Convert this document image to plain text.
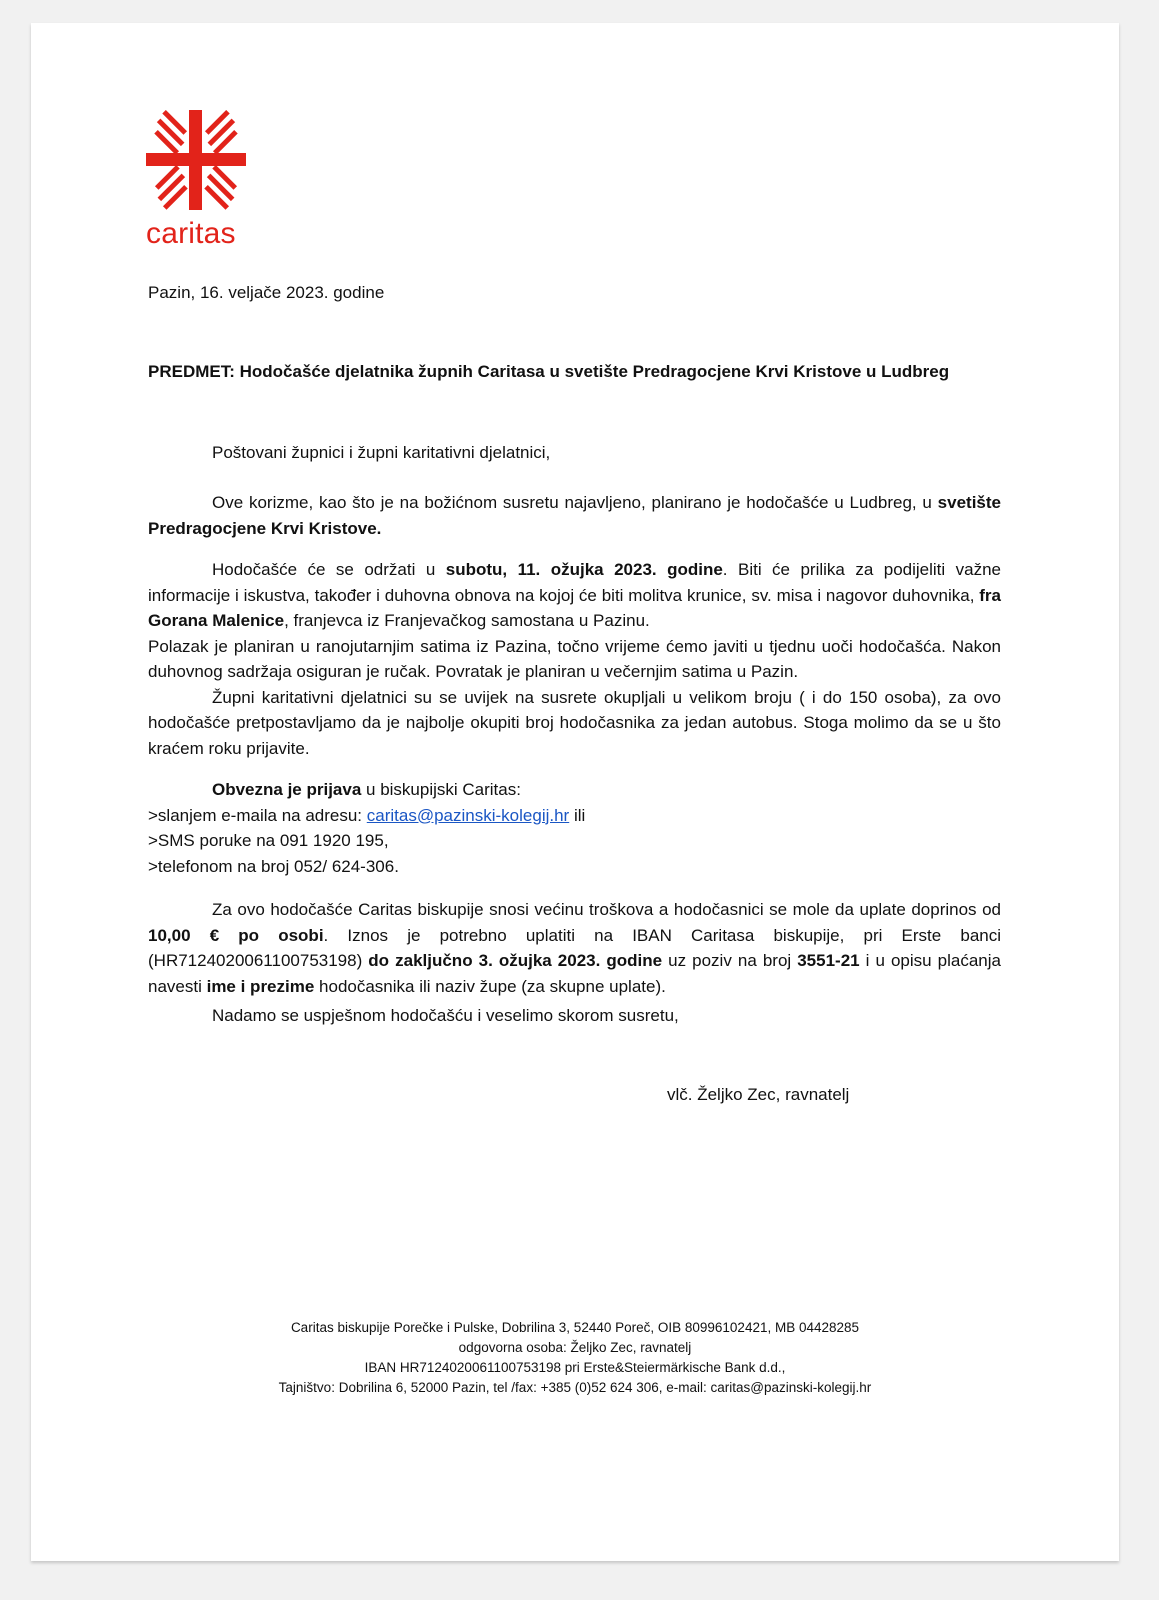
caritas
Pazin, 16. veljače 2023. godine
PREDMET: Hodočašće djelatnika župnih Caritasa u svetište Predragocjene Krvi Kristove u Ludbreg
Poštovani župnici i župni karitativni djelatnici,
Ove korizme, kao što je na božićnom susretu najavljeno, planirano je hodočašće u Ludbreg, u svetište Predragocjene Krvi Kristove.
Hodočašće će se održati u subotu, 11. ožujka 2023. godine. Biti će prilika za podijeliti važne informacije i iskustva, također i duhovna obnova na kojoj će biti molitva krunice, sv. misa i nagovor duhovnika, fra Gorana Malenice, franjevca iz Franjevačkog samostana u Pazinu.
Polazak je planiran u ranojutarnjim satima iz Pazina, točno vrijeme ćemo javiti u tjednu uoči hodočašća. Nakon duhovnog sadržaja osiguran je ručak. Povratak je planiran u večernjim satima u Pazin.
Župni karitativni djelatnici su se uvijek na susrete okupljali u velikom broju ( i do 150 osoba), za ovo hodočašće pretpostavljamo da je najbolje okupiti broj hodočasnika za jedan autobus. Stoga molimo da se u što kraćem roku prijavite.
Obvezna je prijava u biskupijski Caritas:
>slanjem e-maila na adresu: caritas@pazinski-kolegij.hr ili
>SMS poruke na 091 1920 195,
>telefonom na broj 052/ 624-306.
Za ovo hodočašće Caritas biskupije snosi većinu troškova a hodočasnici se mole da uplate doprinos od 10,00 € po osobi. Iznos je potrebno uplatiti na IBAN Caritasa biskupije, pri Erste banci (HR7124020061100753198) do zaključno 3. ožujka 2023. godine uz poziv na broj 3551-21 i u opisu plaćanja navesti ime i prezime hodočasnika ili naziv župe (za skupne uplate).
Nadamo se uspješnom hodočašću i veselimo skorom susretu,
vlč. Željko Zec, ravnatelj
Caritas biskupije Porečke i Pulske, Dobrilina 3, 52440 Poreč, OIB 80996102421, MB 04428285
odgovorna osoba: Željko Zec, ravnatelj
IBAN HR7124020061100753198 pri Erste&Steiermärkische Bank d.d.,
Tajništvo: Dobrilina 6, 52000 Pazin, tel /fax: +385 (0)52 624 306, e-mail: caritas@pazinski-kolegij.hr
